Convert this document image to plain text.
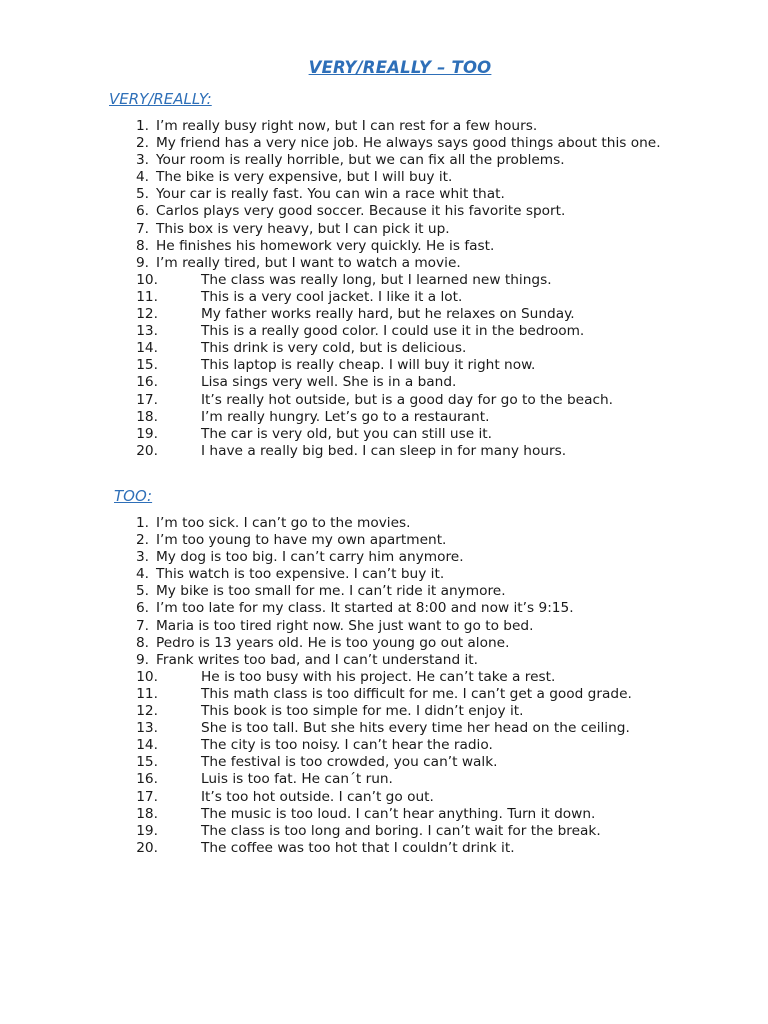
VERY/REALLY – TOO
VERY/REALLY:
1. I’m really busy right now, but I can rest for a few hours.
2. My friend has a very nice job. He always says good things about this one.
3. Your room is really horrible, but we can fix all the problems.
4. The bike is very expensive, but I will buy it.
5. Your car is really fast. You can win a race whit that.
6. Carlos plays very good soccer. Because it his favorite sport.
7. This box is very heavy, but I can pick it up.
8. He finishes his homework very quickly. He is fast.
9. I’m really tired, but I want to watch a movie.
10.	The class was really long, but I learned new things.
11.	This is a very cool jacket. I like it a lot.
12.	My father works really hard, but he relaxes on Sunday.
13.	This is a really good color. I could use it in the bedroom.
14.	This drink is very cold, but is delicious.
15.	This laptop is really cheap. I will buy it right now.
16.	Lisa sings very well. She is in a band.
17.	It’s really hot outside, but is a good day for go to the beach.
18.	I’m really hungry. Let’s go to a restaurant.
19.	The car is very old, but you can still use it.
20.	I have a really big bed. I can sleep in for many hours.
TOO:
1. I’m too sick. I can’t go to the movies.
2. I’m too young to have my own apartment.
3. My dog is too big. I can’t carry him anymore.
4. This watch is too expensive. I can’t buy it.
5. My bike is too small for me. I can’t ride it anymore.
6. I’m too late for my class. It started at 8:00 and now it’s 9:15.
7. Maria is too tired right now. She just want to go to bed.
8. Pedro is 13 years old. He is too young go out alone.
9. Frank writes too bad, and I can’t understand it.
10.	He is too busy with his project. He can’t take a rest.
11.	This math class is too difficult for me. I can’t get a good grade.
12.	This book is too simple for me. I didn’t enjoy it.
13.	She is too tall. But she hits every time her head on the ceiling.
14.	The city is too noisy. I can’t hear the radio.
15.	The festival is too crowded, you can’t walk.
16.	Luis is too fat. He can´t run.
17.	It’s too hot outside. I can’t go out.
18.	The music is too loud. I can’t hear anything. Turn it down.
19.	The class is too long and boring. I can’t wait for the break.
20.	The coffee was too hot that I couldn’t drink it.
